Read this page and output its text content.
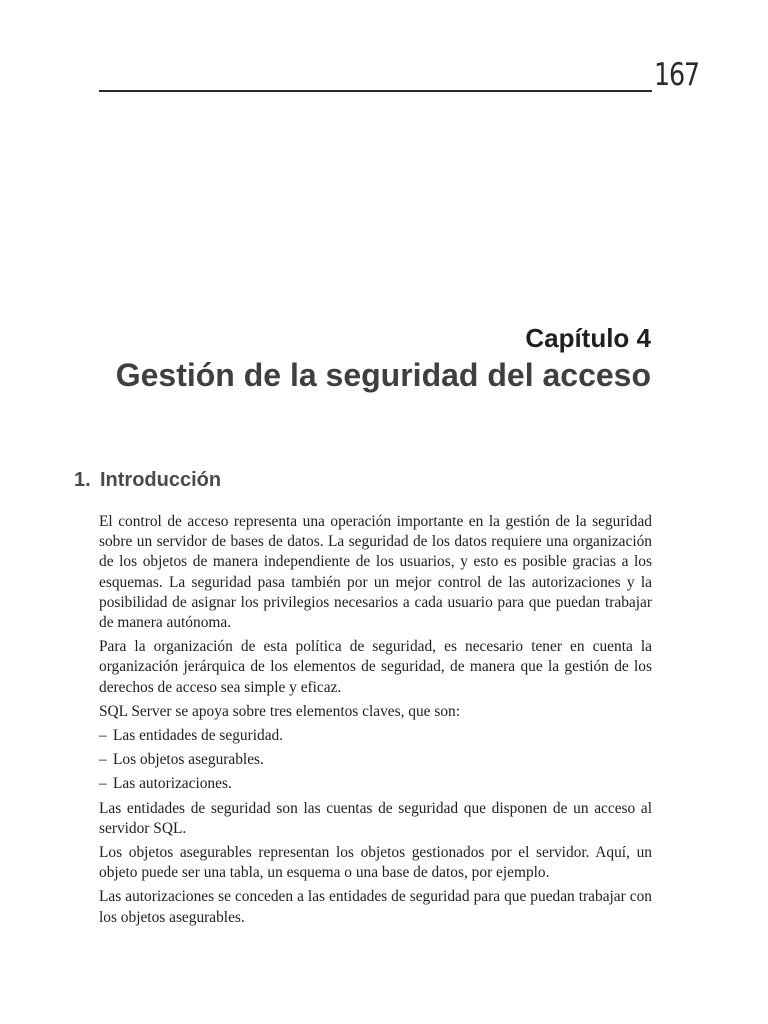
167
Capítulo 4
Gestión de la seguridad del acceso
1. Introducción

El control de acceso representa una operación importante en la gestión de la seguridad sobre un servidor de bases de datos. La seguridad de los datos requiere una organización de los objetos de manera independiente de los usuarios, y esto es posible gracias a los esquemas. La seguridad pasa también por un mejor control de las autorizaciones y la posibilidad de asignar los privilegios necesarios a cada usuario para que puedan trabajar de manera autónoma.

Para la organización de esta política de seguridad, es necesario tener en cuenta la organización jerárquica de los elementos de seguridad, de manera que la gestión de los derechos de acceso sea simple y eficaz.

SQL Server se apoya sobre tres elementos claves, que son:

– Las entidades de seguridad.
– Los objetos asegurables.
– Las autorizaciones.

Las entidades de seguridad son las cuentas de seguridad que disponen de un acceso al servidor SQL.

Los objetos asegurables representan los objetos gestionados por el servidor. Aquí, un objeto puede ser una tabla, un esquema o una base de datos, por ejemplo.

Las autorizaciones se conceden a las entidades de seguridad para que puedan trabajar con los objetos asegurables.
